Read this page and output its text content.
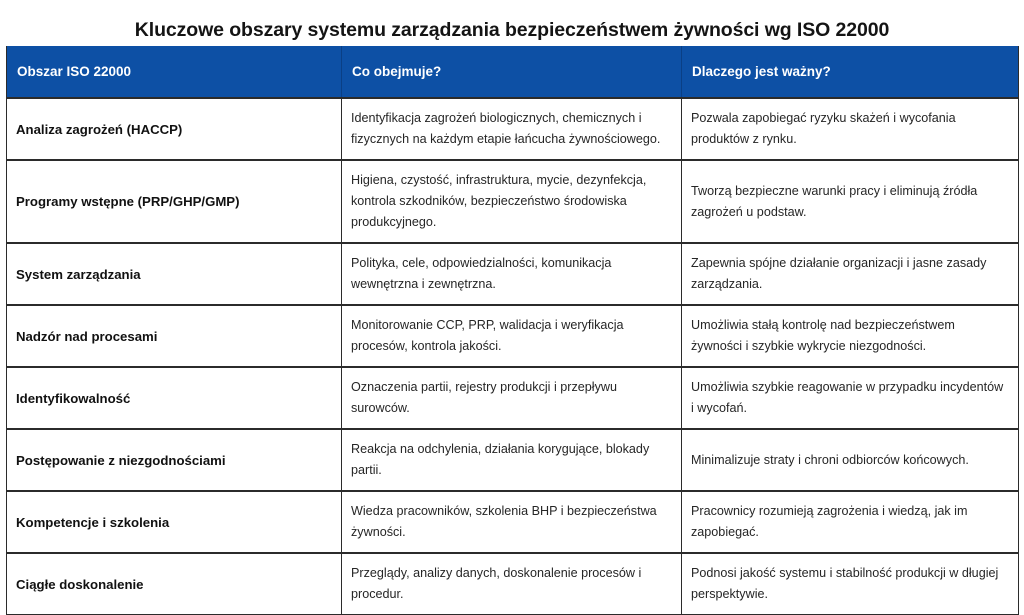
Kluczowe obszary systemu zarządzania bezpieczeństwem żywności wg ISO 22000
Obszar ISO 22000	Co obejmuje?	Dlaczego jest ważny?
Analiza zagrożeń (HACCP)	Identyfikacja zagrożeń biologicznych, chemicznych i fizycznych na każdym etapie łańcucha żywnościowego.	Pozwala zapobiegać ryzyku skażeń i wycofania produktów z rynku.
Programy wstępne (PRP/GHP/GMP)	Higiena, czystość, infrastruktura, mycie, dezynfekcja, kontrola szkodników, bezpieczeństwo środowiska produkcyjnego.	Tworzą bezpieczne warunki pracy i eliminują źródła zagrożeń u podstaw.
System zarządzania	Polityka, cele, odpowiedzialności, komunikacja wewnętrzna i zewnętrzna.	Zapewnia spójne działanie organizacji i jasne zasady zarządzania.
Nadzór nad procesami	Monitorowanie CCP, PRP, walidacja i weryfikacja procesów, kontrola jakości.	Umożliwia stałą kontrolę nad bezpieczeństwem żywności i szybkie wykrycie niezgodności.
Identyfikowalność	Oznaczenia partii, rejestry produkcji i przepływu surowców.	Umożliwia szybkie reagowanie w przypadku incydentów i wycofań.
Postępowanie z niezgodnościami	Reakcja na odchylenia, działania korygujące, blokady partii.	Minimalizuje straty i chroni odbiorców końcowych.
Kompetencje i szkolenia	Wiedza pracowników, szkolenia BHP i bezpieczeństwa żywności.	Pracownicy rozumieją zagrożenia i wiedzą, jak im zapobiegać.
Ciągłe doskonalenie	Przeglądy, analizy danych, doskonalenie procesów i procedur.	Podnosi jakość systemu i stabilność produkcji w długiej perspektywie.
